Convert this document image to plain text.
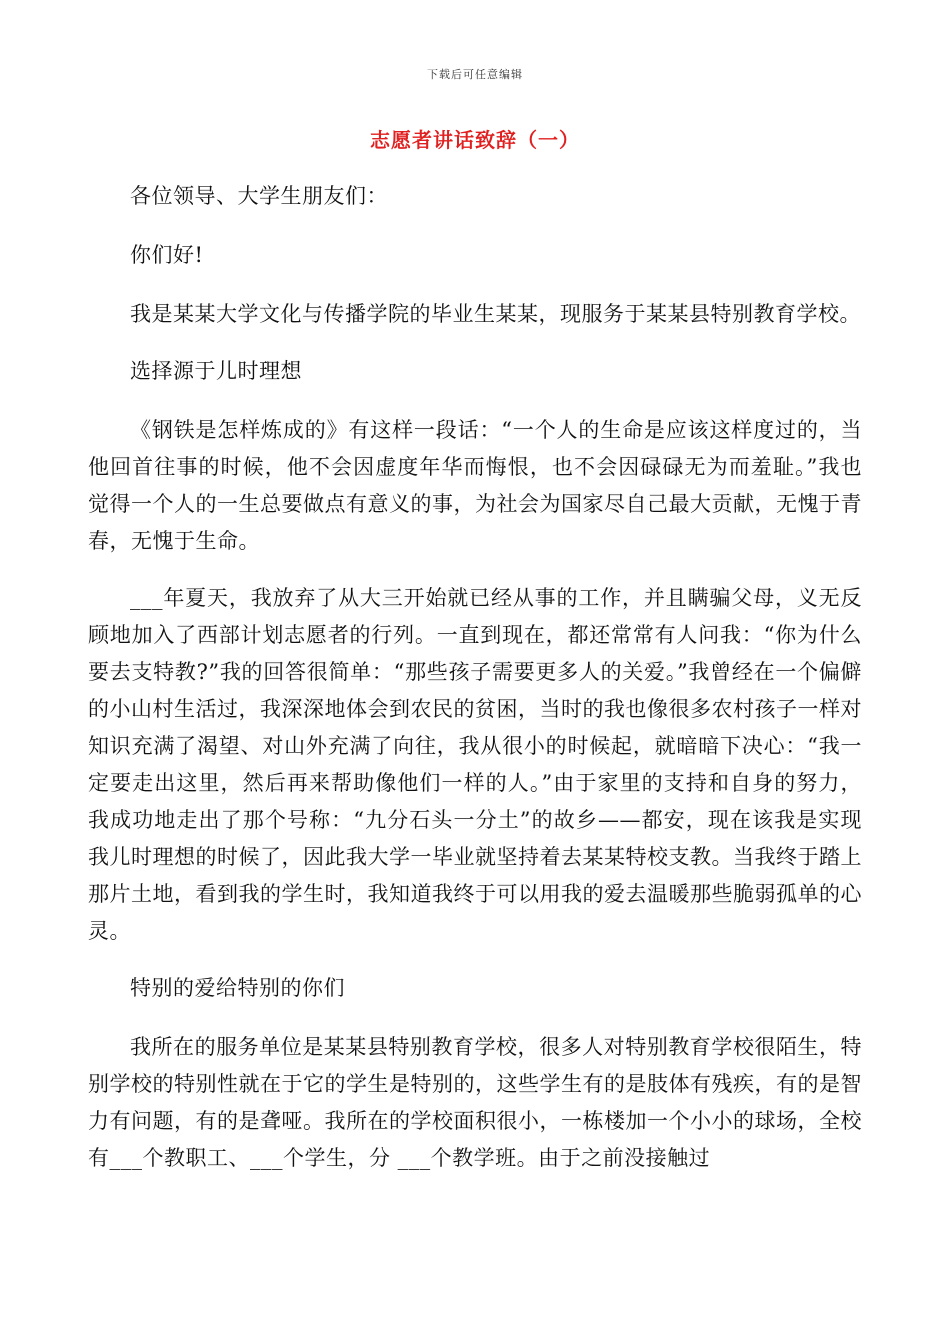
下载后可任意编辑
志愿者讲话致辞（一）

各位领导、大学生朋友们：

你们好!

我是某某大学文化与传播学院的毕业生某某，现服务于某某县特别教育学校。

选择源于儿时理想

《钢铁是怎样炼成的》有这样一段话：“一个人的生命是应该这样度过的，当他回首往事的时候，他不会因虚度年华而悔恨，也不会因碌碌无为而羞耻。”我也觉得一个人的一生总要做点有意义的事，为社会为国家尽自己最大贡献，无愧于青春，无愧于生命。

___年夏天，我放弃了从大三开始就已经从事的工作，并且瞒骗父母，义无反顾地加入了西部计划志愿者的行列。一直到现在，都还常常有人问我：“你为什么要去支特教?”我的回答很简单：“那些孩子需要更多人的关爱。”我曾经在一个偏僻的小山村生活过，我深深地体会到农民的贫困，当时的我也像很多农村孩子一样对知识充满了渴望、对山外充满了向往，我从很小的时候起，就暗暗下决心：“我一定要走出这里，然后再来帮助像他们一样的人。”由于家里的支持和自身的努力，我成功地走出了那个号称：“九分石头一分土”的故乡——都安，现在该我是实现我儿时理想的时候了，因此我大学一毕业就坚持着去某某特校支教。当我终于踏上那片土地，看到我的学生时，我知道我终于可以用我的爱去温暖那些脆弱孤单的心灵。

特别的爱给特别的你们

我所在的服务单位是某某县特别教育学校，很多人对特别教育学校很陌生，特别学校的特别性就在于它的学生是特别的，这些学生有的是肢体有残疾，有的是智力有问题，有的是聋哑。我所在的学校面积很小，一栋楼加一个小小的球场，全校有___个教职工、___个学生，分 ___个教学班。由于之前没接触过
